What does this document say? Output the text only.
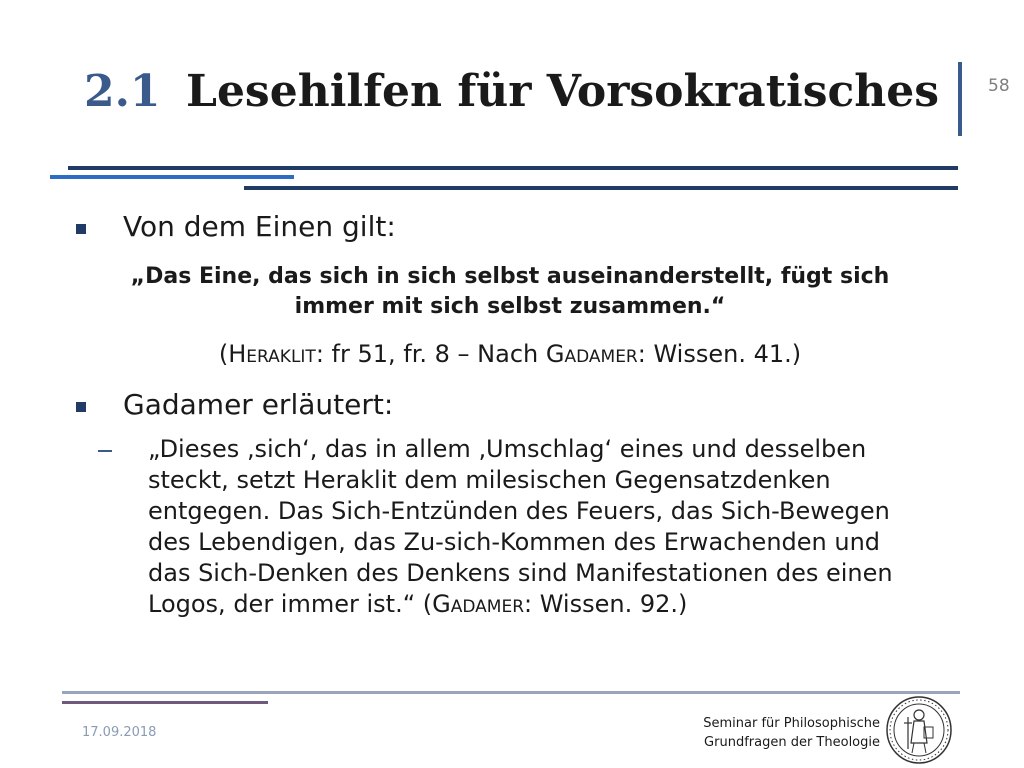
2.1 Lesehilfen für Vorsokratisches	58
Von dem Einen gilt:
„Das Eine, das sich in sich selbst auseinanderstellt, fügt sich
immer mit sich selbst zusammen.“
(Heraklit: fr 51, fr. 8 – Nach Gadamer: Wissen. 41.)
Gadamer erläutert:
„Dieses ‚sich‘, das in allem ‚Umschlag‘ eines und desselben steckt, setzt Heraklit dem milesischen Gegensatzdenken entgegen. Das Sich-Entzünden des Feuers, das Sich-Bewegen des Lebendigen, das Zu-sich-Kommen des Erwachenden und das Sich-Denken des Denkens sind Manifestationen des einen Logos, der immer ist.“ (Gadamer: Wissen. 92.)
17.09.2018
Seminar für Philosophische
Grundfragen der Theologie
